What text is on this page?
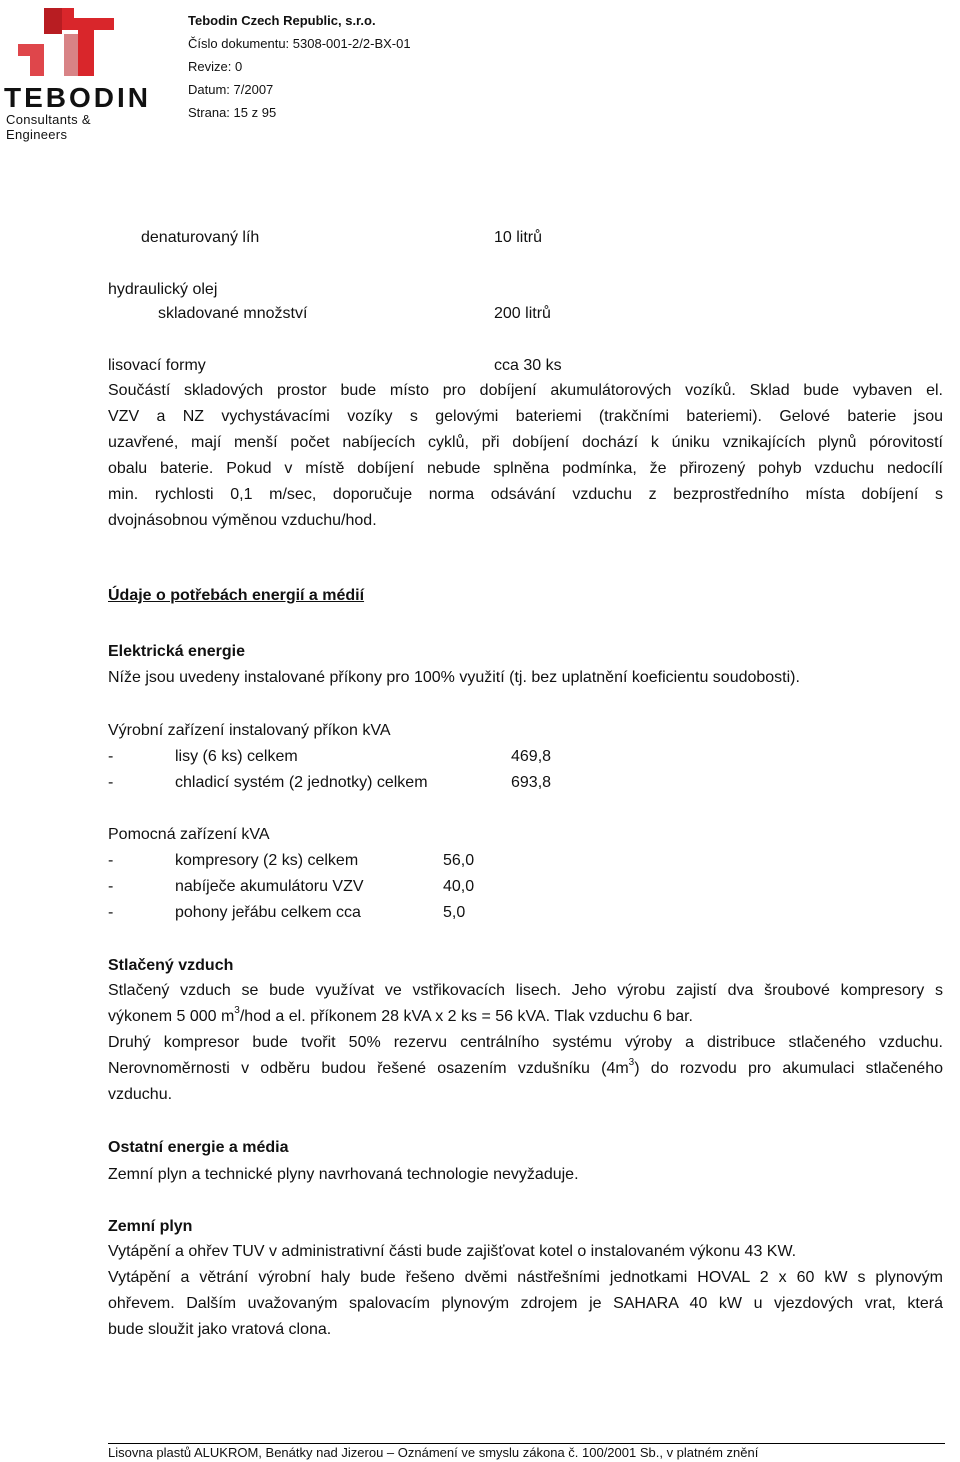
TEBODIN
Consultants & Engineers
Tebodin Czech Republic, s.r.o.
Číslo dokumentu: 5308-001-2/2-BX-01
Revize: 0
Datum: 7/2007
Strana: 15 z 95
denaturovaný líh	10 litrů
hydraulický olej
skladované množství	200 litrů
lisovací formy	cca 30 ks
Součástí skladových prostor bude místo pro dobíjení akumulátorových vozíků. Sklad bude vybaven el.
VZV a NZ vychystávacími vozíky s gelovými bateriemi (trakčními bateriemi). Gelové baterie jsou
uzavřené, mají menší počet nabíjecích cyklů, při dobíjení dochází k úniku vznikajících plynů pórovitostí
obalu baterie. Pokud v místě dobíjení nebude splněna podmínka, že přirozený pohyb vzduchu nedocílí
min. rychlosti 0,1 m/sec, doporučuje norma odsávání vzduchu z bezprostředního místa dobíjení s
dvojnásobnou výměnou vzduchu/hod.
Údaje o potřebách energií a médií
Elektrická energie
Níže jsou uvedeny instalované příkony pro 100% využití (tj. bez uplatnění koeficientu soudobosti).
Výrobní zařízení instalovaný příkon kVA
-	lisy (6 ks) celkem	469,8
-	chladicí systém (2 jednotky) celkem	693,8
Pomocná zařízení kVA
-	kompresory (2 ks) celkem	56,0
-	nabíječe akumulátoru VZV	40,0
-	pohony jeřábu celkem cca	5,0
Stlačený vzduch
Stlačený vzduch se bude využívat ve vstřikovacích lisech. Jeho výrobu zajistí dva šroubové kompresory s
výkonem 5 000 $m^3$/hod a el. příkonem 28 kVA x 2 ks = 56 kVA. Tlak vzduchu 6 bar.
Druhý kompresor bude tvořit 50% rezervu centrálního systému výroby a distribuce stlačeného vzduchu.
Nerovnoměrnosti v odběru budou řešené osazením vzdušníku $(4m^3)$ do rozvodu pro akumulaci stlačeného
vzduchu.
Ostatní energie a média
Zemní plyn a technické plyny navrhovaná technologie nevyžaduje.
Zemní plyn
Vytápění a ohřev TUV v administrativní části bude zajišťovat kotel o instalovaném výkonu 43 KW.
Vytápění a větrání výrobní haly bude řešeno dvěmi nástřešními jednotkami HOVAL 2 x 60 kW s plynovým
ohřevem. Dalším uvažovaným spalovacím plynovým zdrojem je SAHARA 40 kW u vjezdových vrat, která
bude sloužit jako vratová clona.
Lisovna plastů ALUKROM, Benátky nad Jizerou – Oznámení ve smyslu zákona č. 100/2001 Sb., v platném znění
